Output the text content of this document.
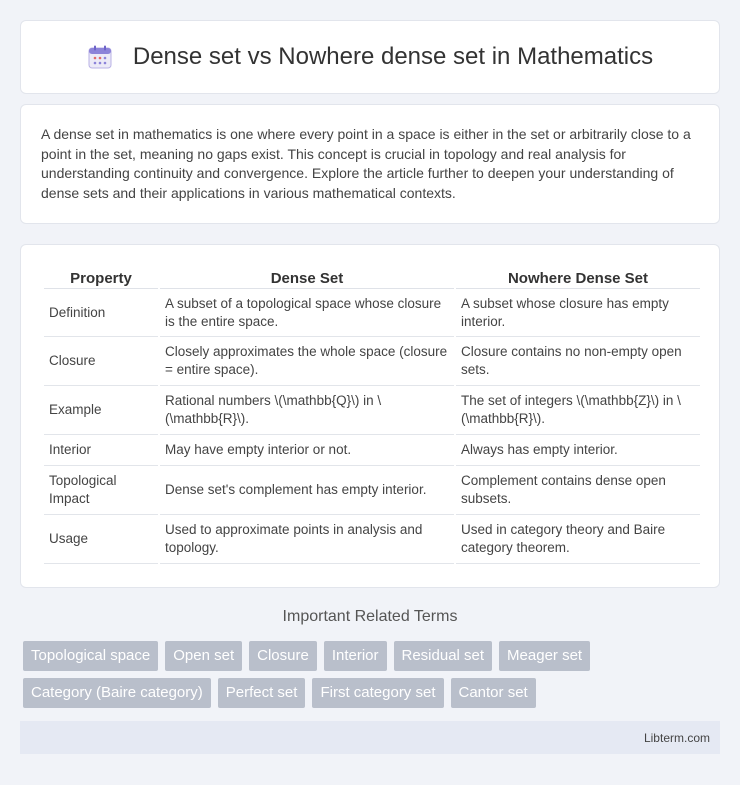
Dense set vs Nowhere dense set in Mathematics

A dense set in mathematics is one where every point in a space is either in the set or arbitrarily close to a point in the set, meaning no gaps exist. This concept is crucial in topology and real analysis for understanding continuity and convergence. Explore the article further to deepen your understanding of dense sets and their applications in various mathematical contexts.

Property	Dense Set	Nowhere Dense Set
Definition	A subset of a topological space whose closure is the entire space.	A subset whose closure has empty interior.
Closure	Closely approximates the whole space (closure = entire space).	Closure contains no non-empty open sets.
Example	Rational numbers \(\mathbb{Q}\) in \(\mathbb{R}\).	The set of integers \(\mathbb{Z}\) in \(\mathbb{R}\).
Interior	May have empty interior or not.	Always has empty interior.
Topological Impact	Dense set's complement has empty interior.	Complement contains dense open subsets.
Usage	Used to approximate points in analysis and topology.	Used in category theory and Baire category theorem.
Important Related Terms
Topological space	Open set	Closure	Interior	Residual set	Meager set
Category (Baire category)	Perfect set	First category set	Cantor set
Libterm.com
